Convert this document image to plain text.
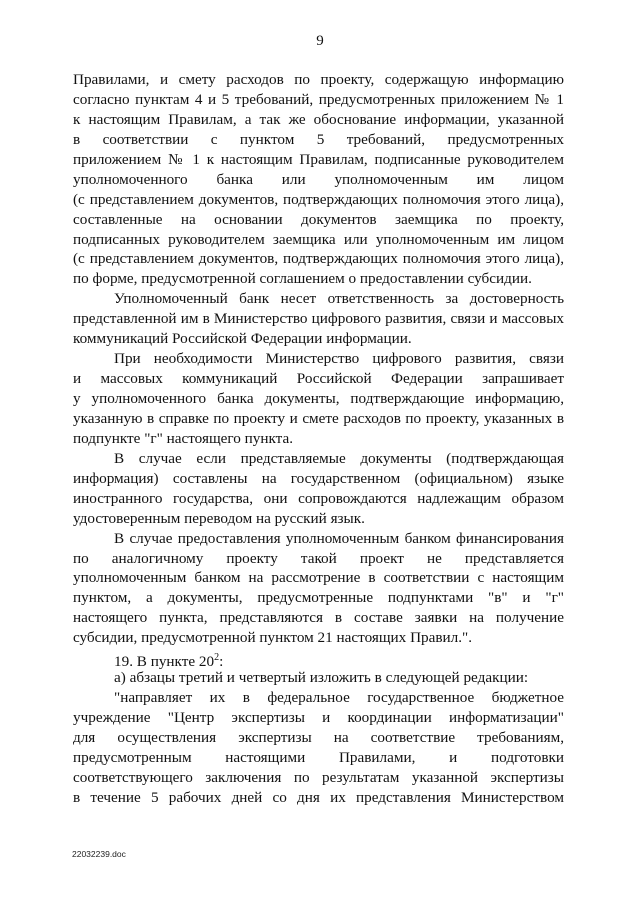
9
Правилами, и смету расходов по проекту, содержащую информацию
согласно пунктам 4 и 5 требований, предусмотренных приложением № 1
к настоящим Правилам, а так же обоснование информации, указанной
в соответствии с пунктом 5 требований, предусмотренных
приложением № 1 к настоящим Правилам, подписанные руководителем
уполномоченного банка или уполномоченным им лицом
(с представлением документов, подтверждающих полномочия этого лица),
составленные на основании документов заемщика по проекту,
подписанных руководителем заемщика или уполномоченным им лицом
(с представлением документов, подтверждающих полномочия этого лица),
по форме, предусмотренной соглашением о предоставлении субсидии.
Уполномоченный банк несет ответственность за достоверность
представленной им в Министерство цифрового развития, связи и массовых
коммуникаций Российской Федерации информации.
При необходимости Министерство цифрового развития, связи
и массовых коммуникаций Российской Федерации запрашивает
у уполномоченного банка документы, подтверждающие информацию,
указанную в справке по проекту и смете расходов по проекту, указанных в
подпункте "г" настоящего пункта.
В случае если представляемые документы (подтверждающая
информация) составлены на государственном (официальном) языке
иностранного государства, они сопровождаются надлежащим образом
удостоверенным переводом на русский язык.
В случае предоставления уполномоченным банком финансирования
по аналогичному проекту такой проект не представляется
уполномоченным банком на рассмотрение в соответствии с настоящим
пунктом, а документы, предусмотренные подпунктами "в" и "г"
настоящего пункта, представляются в составе заявки на получение
субсидии, предусмотренной пунктом 21 настоящих Правил.".
19. В пункте $20^2$:
а) абзацы третий и четвертый изложить в следующей редакции:
"направляет их в федеральное государственное бюджетное
учреждение "Центр экспертизы и координации информатизации"
для осуществления экспертизы на соответствие требованиям,
предусмотренным настоящими Правилами, и подготовки
соответствующего заключения по результатам указанной экспертизы
в течение 5 рабочих дней со дня их представления Министерством
22032239.doc
